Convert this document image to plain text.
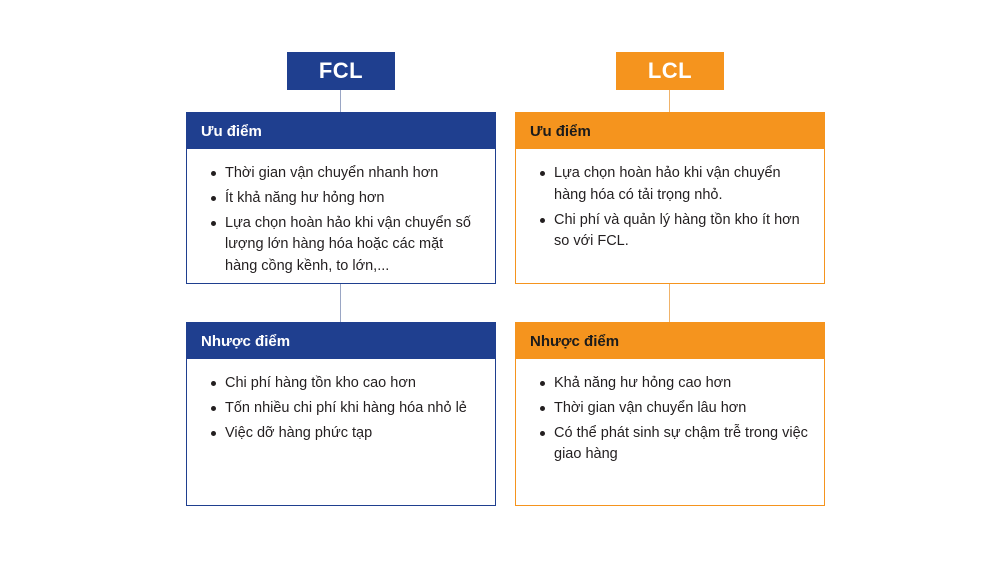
FCL	LCL
Ưu điểm
Thời gian vận chuyển nhanh hơn
Ít khả năng hư hỏng hơn
Lựa chọn hoàn hảo khi vận chuyển số lượng lớn hàng hóa hoặc các mặt hàng cồng kềnh, to lớn,...
Nhược điểm
Chi phí hàng tồn kho cao hơn
Tốn nhiều chi phí khi hàng hóa nhỏ lẻ
Việc dỡ hàng phức tạp
Ưu điểm
Lựa chọn hoàn hảo khi vận chuyển hàng hóa có tải trọng nhỏ.
Chi phí và quản lý hàng tồn kho ít hơn so với FCL.
Nhược điểm
Khả năng hư hỏng cao hơn
Thời gian vận chuyển lâu hơn
Có thể phát sinh sự chậm trễ trong việc giao hàng
